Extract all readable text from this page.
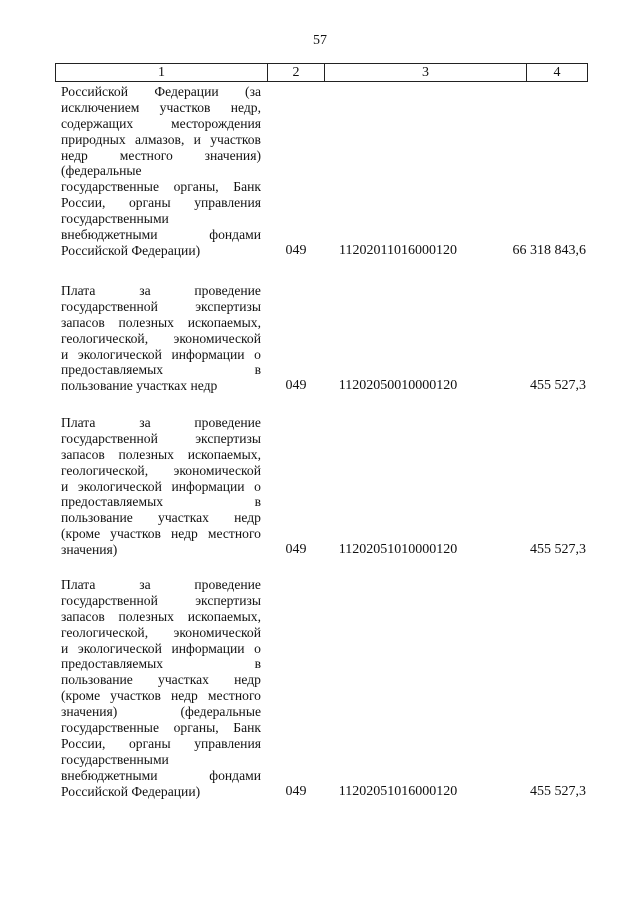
57
1	2	3	4
Российской Федерации (за
исключением участков недр,
содержащих	месторождения
природных алмазов, и участков
недр местного значения)
(федеральные
государственные органы, Банк
России, органы управления
государственными
внебюджетными	фондами
Российской Федерации)	049	11202011016000120	66 318 843,6
Плата	за	проведение
государственной	экспертизы
запасов полезных ископаемых,
геологической, экономической
и экологической информации о
предоставляемых	в
пользование участках недр	049	11202050010000120	455 527,3
Плата	за	проведение
государственной	экспертизы
запасов полезных ископаемых,
геологической, экономической
и экологической информации о
предоставляемых	в
пользование участках недр
(кроме участков недр местного
значения)	049	11202051010000120	455 527,3
Плата	за	проведение
государственной	экспертизы
запасов полезных ископаемых,
геологической, экономической
и экологической информации о
предоставляемых	в
пользование участках недр
(кроме участков недр местного
значения)	(федеральные
государственные органы, Банк
России, органы управления
государственными
внебюджетными	фондами
Российской Федерации)	049	11202051016000120	455 527,3
